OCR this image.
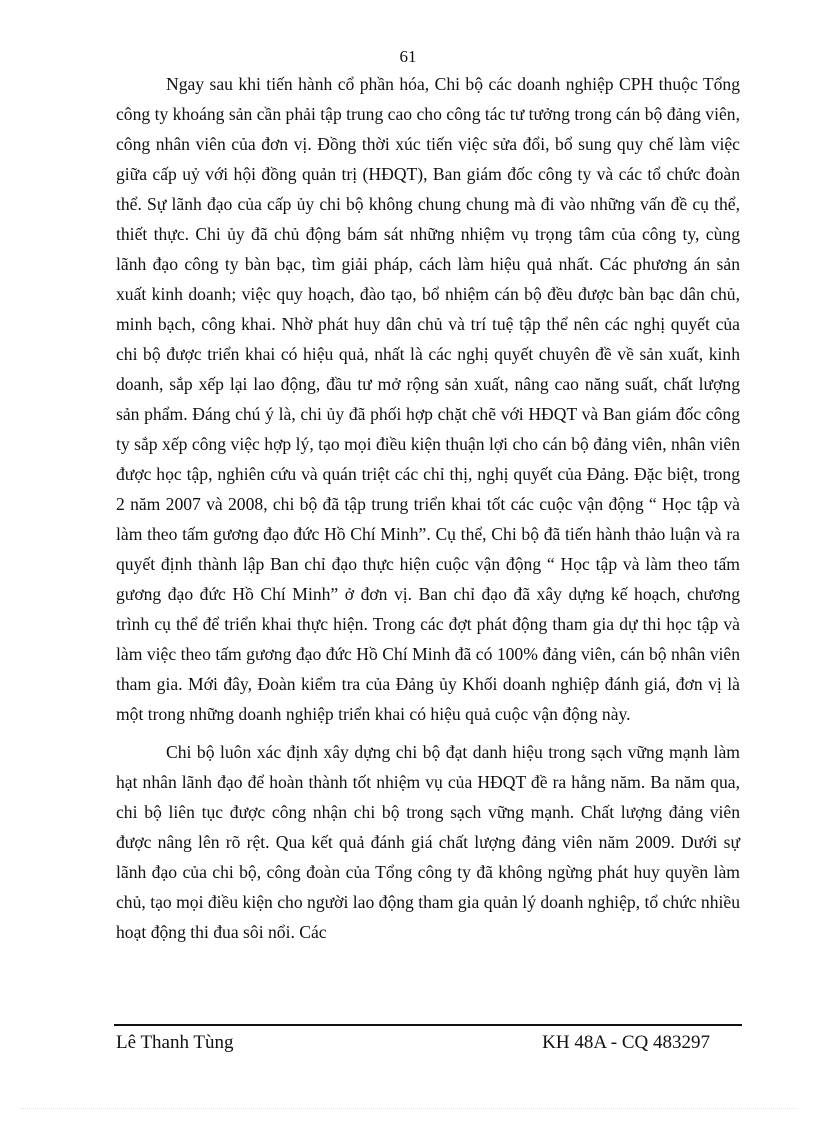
61

Ngay sau khi tiến hành cổ phần hóa, Chi bộ các doanh nghiệp CPH thuộc Tổng công ty khoáng sản cần phải tập trung cao cho công tác tư tưởng trong cán bộ đảng viên, công nhân viên của đơn vị. Đồng thời xúc tiến việc sửa đổi, bổ sung quy chế làm việc giữa cấp uỷ với hội đồng quản trị (HĐQT), Ban giám đốc công ty và các tổ chức đoàn thể. Sự lãnh đạo của cấp ủy chi bộ không chung chung mà đi vào những vấn đề cụ thể, thiết thực. Chi ủy đã chủ động bám sát những nhiệm vụ trọng tâm của công ty, cùng lãnh đạo công ty bàn bạc, tìm giải pháp, cách làm hiệu quả nhất. Các phương án sản xuất kinh doanh; việc quy hoạch, đào tạo, bổ nhiệm cán bộ đều được bàn bạc dân chủ, minh bạch, công khai. Nhờ phát huy dân chủ và trí tuệ tập thể nên các nghị quyết của chi bộ được triển khai có hiệu quả, nhất là các nghị quyết chuyên đề về sản xuất, kinh doanh, sắp xếp lại lao động, đầu tư mở rộng sản xuất, nâng cao năng suất, chất lượng sản phẩm. Đáng chú ý là, chi ủy đã phối hợp chặt chẽ với HĐQT và Ban giám đốc công ty sắp xếp công việc hợp lý, tạo mọi điều kiện thuận lợi cho cán bộ đảng viên, nhân viên được học tập, nghiên cứu và quán triệt các chỉ thị, nghị quyết của Đảng. Đặc biệt, trong 2 năm 2007 và 2008, chi bộ đã tập trung triển khai tốt các cuộc vận động “ Học tập và làm theo tấm gương đạo đức Hồ Chí Minh”. Cụ thể, Chi bộ đã tiến hành thảo luận và ra quyết định thành lập Ban chỉ đạo thực hiện cuộc vận động “ Học tập và làm theo tấm gương đạo đức Hồ Chí Minh” ở đơn vị. Ban chỉ đạo đã xây dựng kế hoạch, chương trình cụ thể để triển khai thực hiện. Trong các đợt phát động tham gia dự thi học tập và làm việc theo tấm gương đạo đức Hồ Chí Minh đã có 100% đảng viên, cán bộ nhân viên tham gia. Mới đây, Đoàn kiểm tra của Đảng ủy Khối doanh nghiệp đánh giá, đơn vị là một trong những doanh nghiệp triển khai có hiệu quả cuộc vận động này.

Chi bộ luôn xác định xây dựng chi bộ đạt danh hiệu trong sạch vững mạnh làm hạt nhân lãnh đạo để hoàn thành tốt nhiệm vụ của HĐQT đề ra hằng năm. Ba năm qua, chi bộ liên tục được công nhận chi bộ trong sạch vững mạnh. Chất lượng đảng viên được nâng lên rõ rệt. Qua kết quả đánh giá chất lượng đảng viên năm 2009. Dưới sự lãnh đạo của chi bộ, công đoàn của Tổng công ty đã không ngừng phát huy quyền làm chủ, tạo mọi điều kiện cho người lao động tham gia quản lý doanh nghiệp, tổ chức nhiều hoạt động thi đua sôi nổi. Các

Lê Thanh Tùng	KH 48A - CQ 483297
